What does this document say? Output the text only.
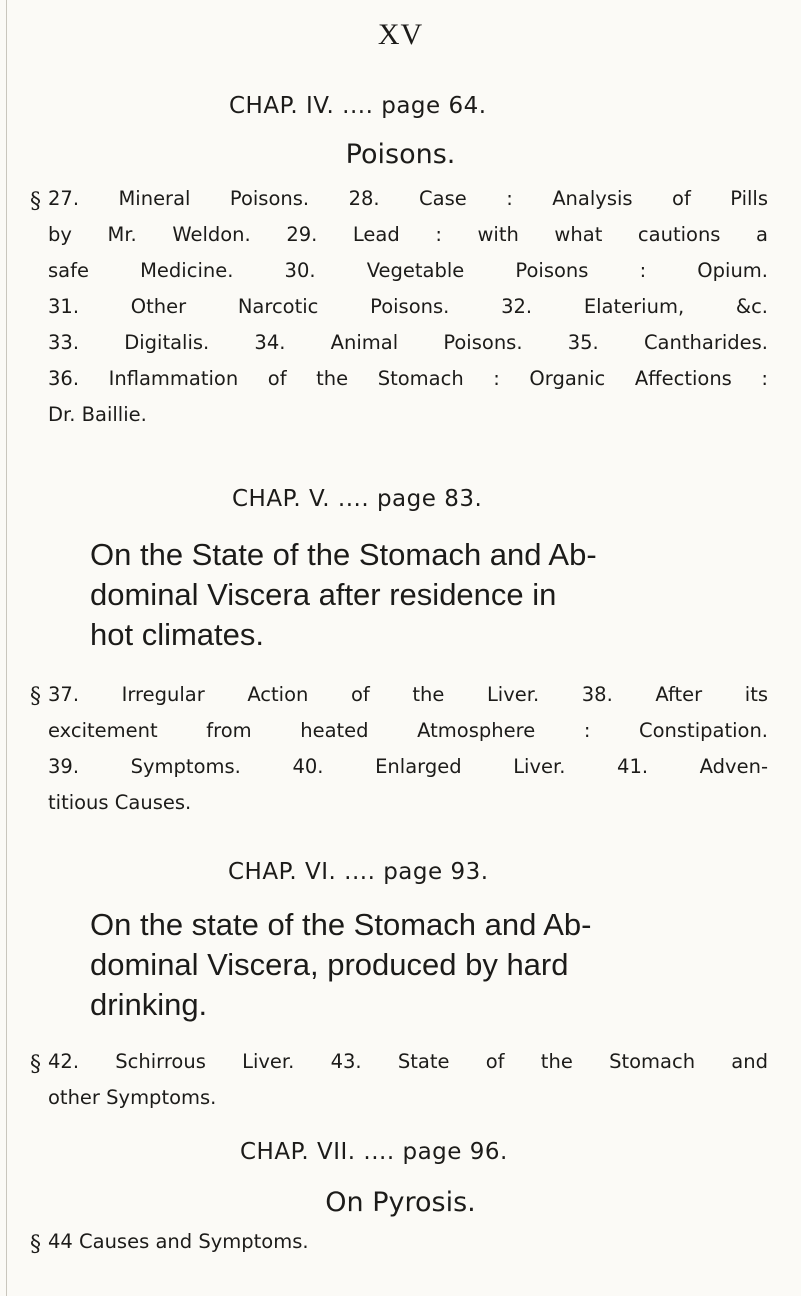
XV
CHAP. IV. .... page 64.
Poisons.
§ 27. Mineral Poisons. 28. Case : Analysis of Pills
by Mr. Weldon. 29. Lead : with what cautions a
safe Medicine. 30. Vegetable Poisons : Opium.
31. Other Narcotic Poisons. 32. Elaterium, &c.
33. Digitalis. 34. Animal Poisons. 35. Cantharides.
36. Inflammation of the Stomach : Organic Affections :
Dr. Baillie.
CHAP. V. .... page 83.
On the State of the Stomach and Ab-
dominal Viscera after residence in
hot climates.
§ 37. Irregular Action of the Liver. 38. After its
excitement from heated Atmosphere : Constipation.
39. Symptoms. 40. Enlarged Liver. 41. Adven-
titious Causes.
CHAP. VI. .... page 93.
On the state of the Stomach and Ab-
dominal Viscera, produced by hard
drinking.
§ 42. Schirrous Liver. 43. State of the Stomach and
other Symptoms.
CHAP. VII. .... page 96.
On Pyrosis.
§ 44 Causes and Symptoms.
